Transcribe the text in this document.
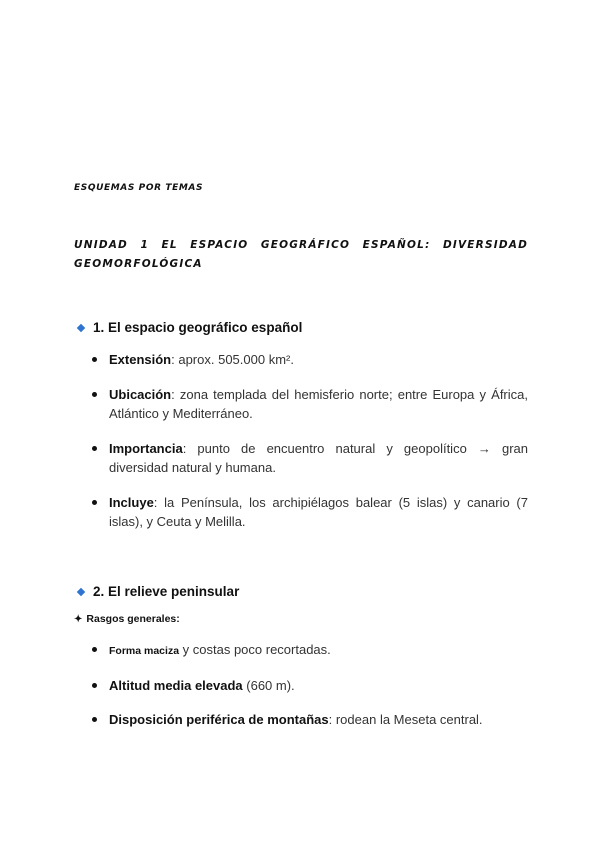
ESQUEMAS POR TEMAS
UNIDAD 1 EL ESPACIO GEOGRÁFICO ESPAÑOL: DIVERSIDAD GEOMORFOLÓGICA
1. El espacio geográfico español
Extensión: aprox. 505.000 km².
Ubicación: zona templada del hemisferio norte; entre Europa y África, Atlántico y Mediterráneo.
Importancia: punto de encuentro natural y geopolítico → gran diversidad natural y humana.
Incluye: la Península, los archipiélagos balear (5 islas) y canario (7 islas), y Ceuta y Melilla.
2. El relieve peninsular
✦ Rasgos generales:
Forma maciza y costas poco recortadas.
Altitud media elevada (660 m).
Disposición periférica de montañas: rodean la Meseta central.
